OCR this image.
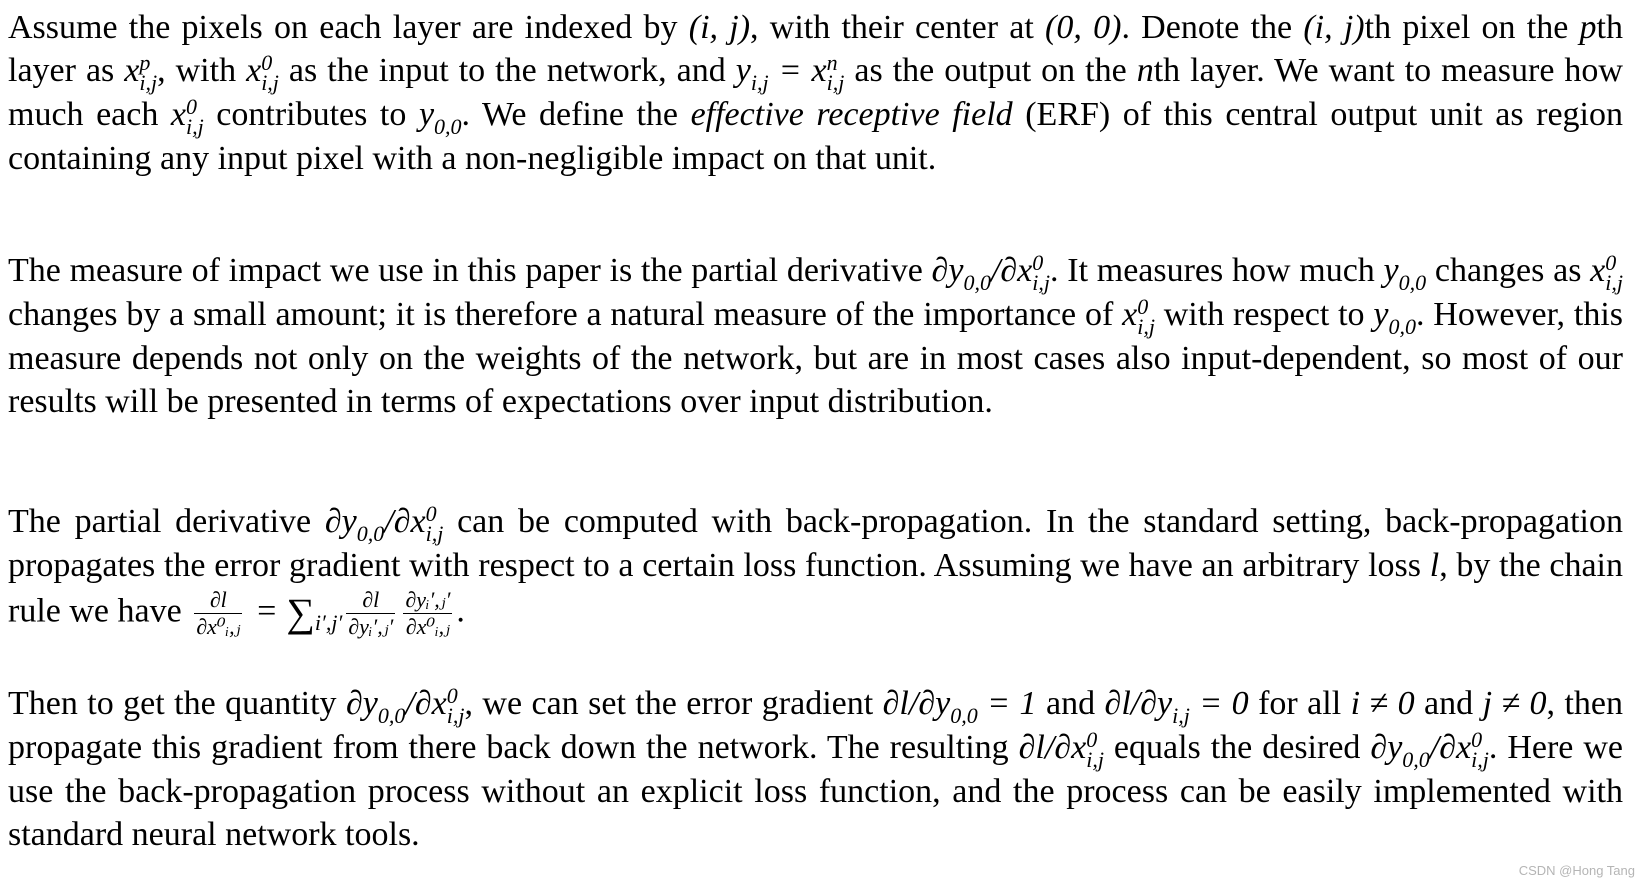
Assume the pixels on each layer are indexed by (i, j), with their center at (0, 0). Denote the (i, j)th pixel on the pth layer as x p
i,j , with x 0
i,j as the input to the network, and y
i,j = x n
i,j as the output on the nth layer. We want to measure how much each x 0
i,j contributes to y
0,0 . We define the effective receptive field (ERF) of this central output unit as region containing any input pixel with a non-negligible impact on that unit.

The measure of impact we use in this paper is the partial derivative ∂y
0,0 /∂x 0
i,j . It measures how much y
0,0 changes as x 0
i,j
changes by a small amount; it is therefore a natural measure of the importance of x 0
i,j with respect to y
0,0 . However, this measure depends not only on the weights of the network, but are in most cases also input-dependent, so most of our results will be presented in terms of expectations over input distribution.

The partial derivative ∂y
0,0 /∂x 0
i,j can be computed with back-propagation. In the standard setting, back-propagation propagates the error gradient with respect to a certain loss function. Assuming we have an arbitrary loss l, by the chain rule we have $\frac{\partial l}{\text{∂x⁰ᵢ,ⱼ}} = \sum_{i',j'} \frac{\partial l}{\text{∂yᵢ′,ⱼ′}} \frac{\text{∂yᵢ′,ⱼ′}}{\text{∂x⁰ᵢ,ⱼ}}$ .

Then to get the quantity ∂y
0,0 /∂x 0
i,j , we can set the error gradient ∂l/∂y
0,0 = 1 and ∂l/∂y
i,j = 0 for all i ≠ 0 and j ≠ 0, then propagate this gradient from there back down the network. The resulting ∂l/∂x 0
i,j equals the desired ∂y
0,0 /∂x 0
i,j . Here we use the back-propagation process without an explicit loss function, and the process can be easily implemented with standard neural network tools.

CSDN @Hong Tang
